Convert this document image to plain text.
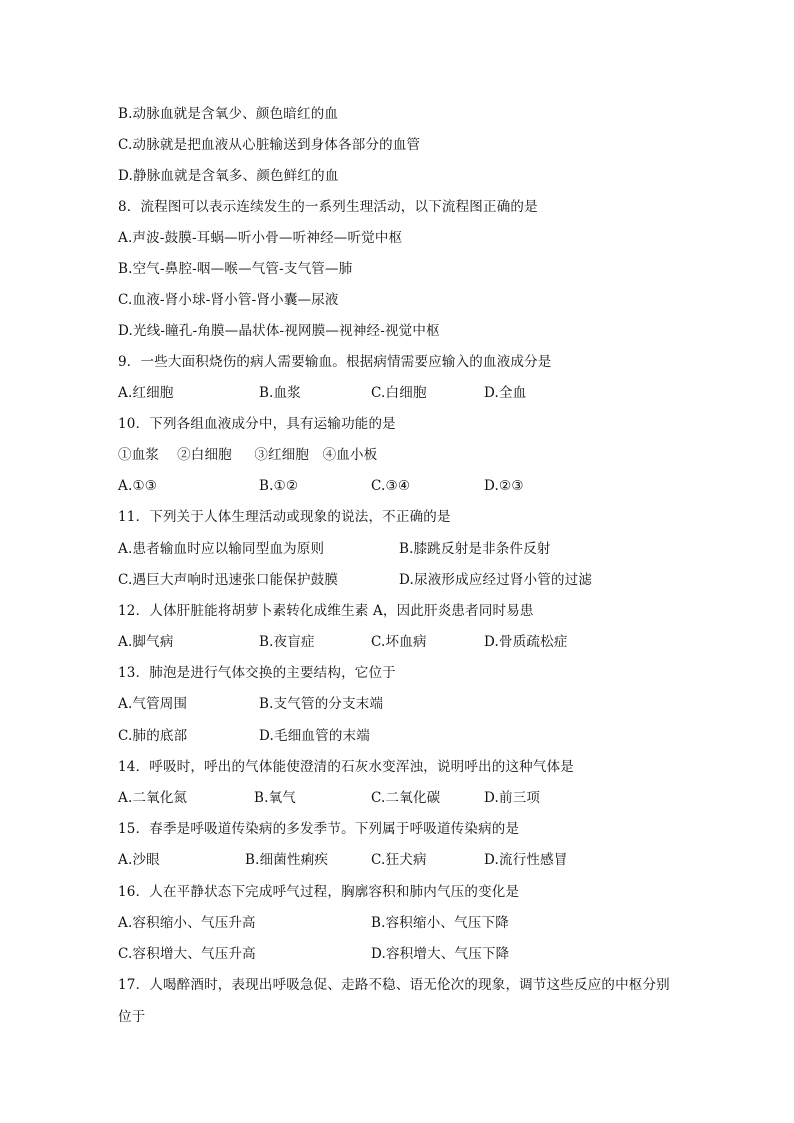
B.动脉血就是含氧少、颜色暗红的血
C.动脉就是把血液从心脏输送到身体各部分的血管
D.静脉血就是含氧多、颜色鲜红的血
8．流程图可以表示连续发生的一系列生理活动，以下流程图正确的是
A.声波-鼓膜-耳蜗—听小骨—听神经—听觉中枢
B.空气-鼻腔-咽—喉—气管-支气管—肺
C.血液-肾小球-肾小管-肾小囊—尿液
D.光线-瞳孔-角膜—晶状体-视网膜—视神经-视觉中枢
9．一些大面积烧伤的病人需要输血。根据病情需要应输入的血液成分是
A.红细胞	B.血浆	C.白细胞	D.全血
10．下列各组血液成分中，具有运输功能的是
①血浆    ②白细胞     ③红细胞   ④血小板
A.①③	B.①②	C.③④	D.②③
11．下列关于人体生理活动或现象的说法，不正确的是
A.患者输血时应以输同型血为原则	B.膝跳反射是非条件反射
C.遇巨大声响时迅速张口能保护鼓膜	D.尿液形成应经过肾小管的过滤
12．人体肝脏能将胡萝卜素转化成维生素 A，因此肝炎患者同时易患
A.脚气病	B.夜盲症	C.坏血病	D.骨质疏松症
13．肺泡是进行气体交换的主要结构，它位于
A.气管周围	B.支气管的分支末端
C.肺的底部	D.毛细血管的末端
14．呼吸时，呼出的气体能使澄清的石灰水变浑浊，说明呼出的这种气体是
A.二氧化氮	B.氧气	C.二氧化碳	D.前三项
15．春季是呼吸道传染病的多发季节。下列属于呼吸道传染病的是
A.沙眼	B.细菌性痢疾	C.狂犬病	D.流行性感冒
16．人在平静状态下完成呼气过程，胸廓容积和肺内气压的变化是
A.容积缩小、气压升高	B.容积缩小、气压下降
C.容积增大、气压升高	D.容积增大、气压下降
17．人喝醉酒时，表现出呼吸急促、走路不稳、语无伦次的现象，调节这些反应的中枢分别
位于
